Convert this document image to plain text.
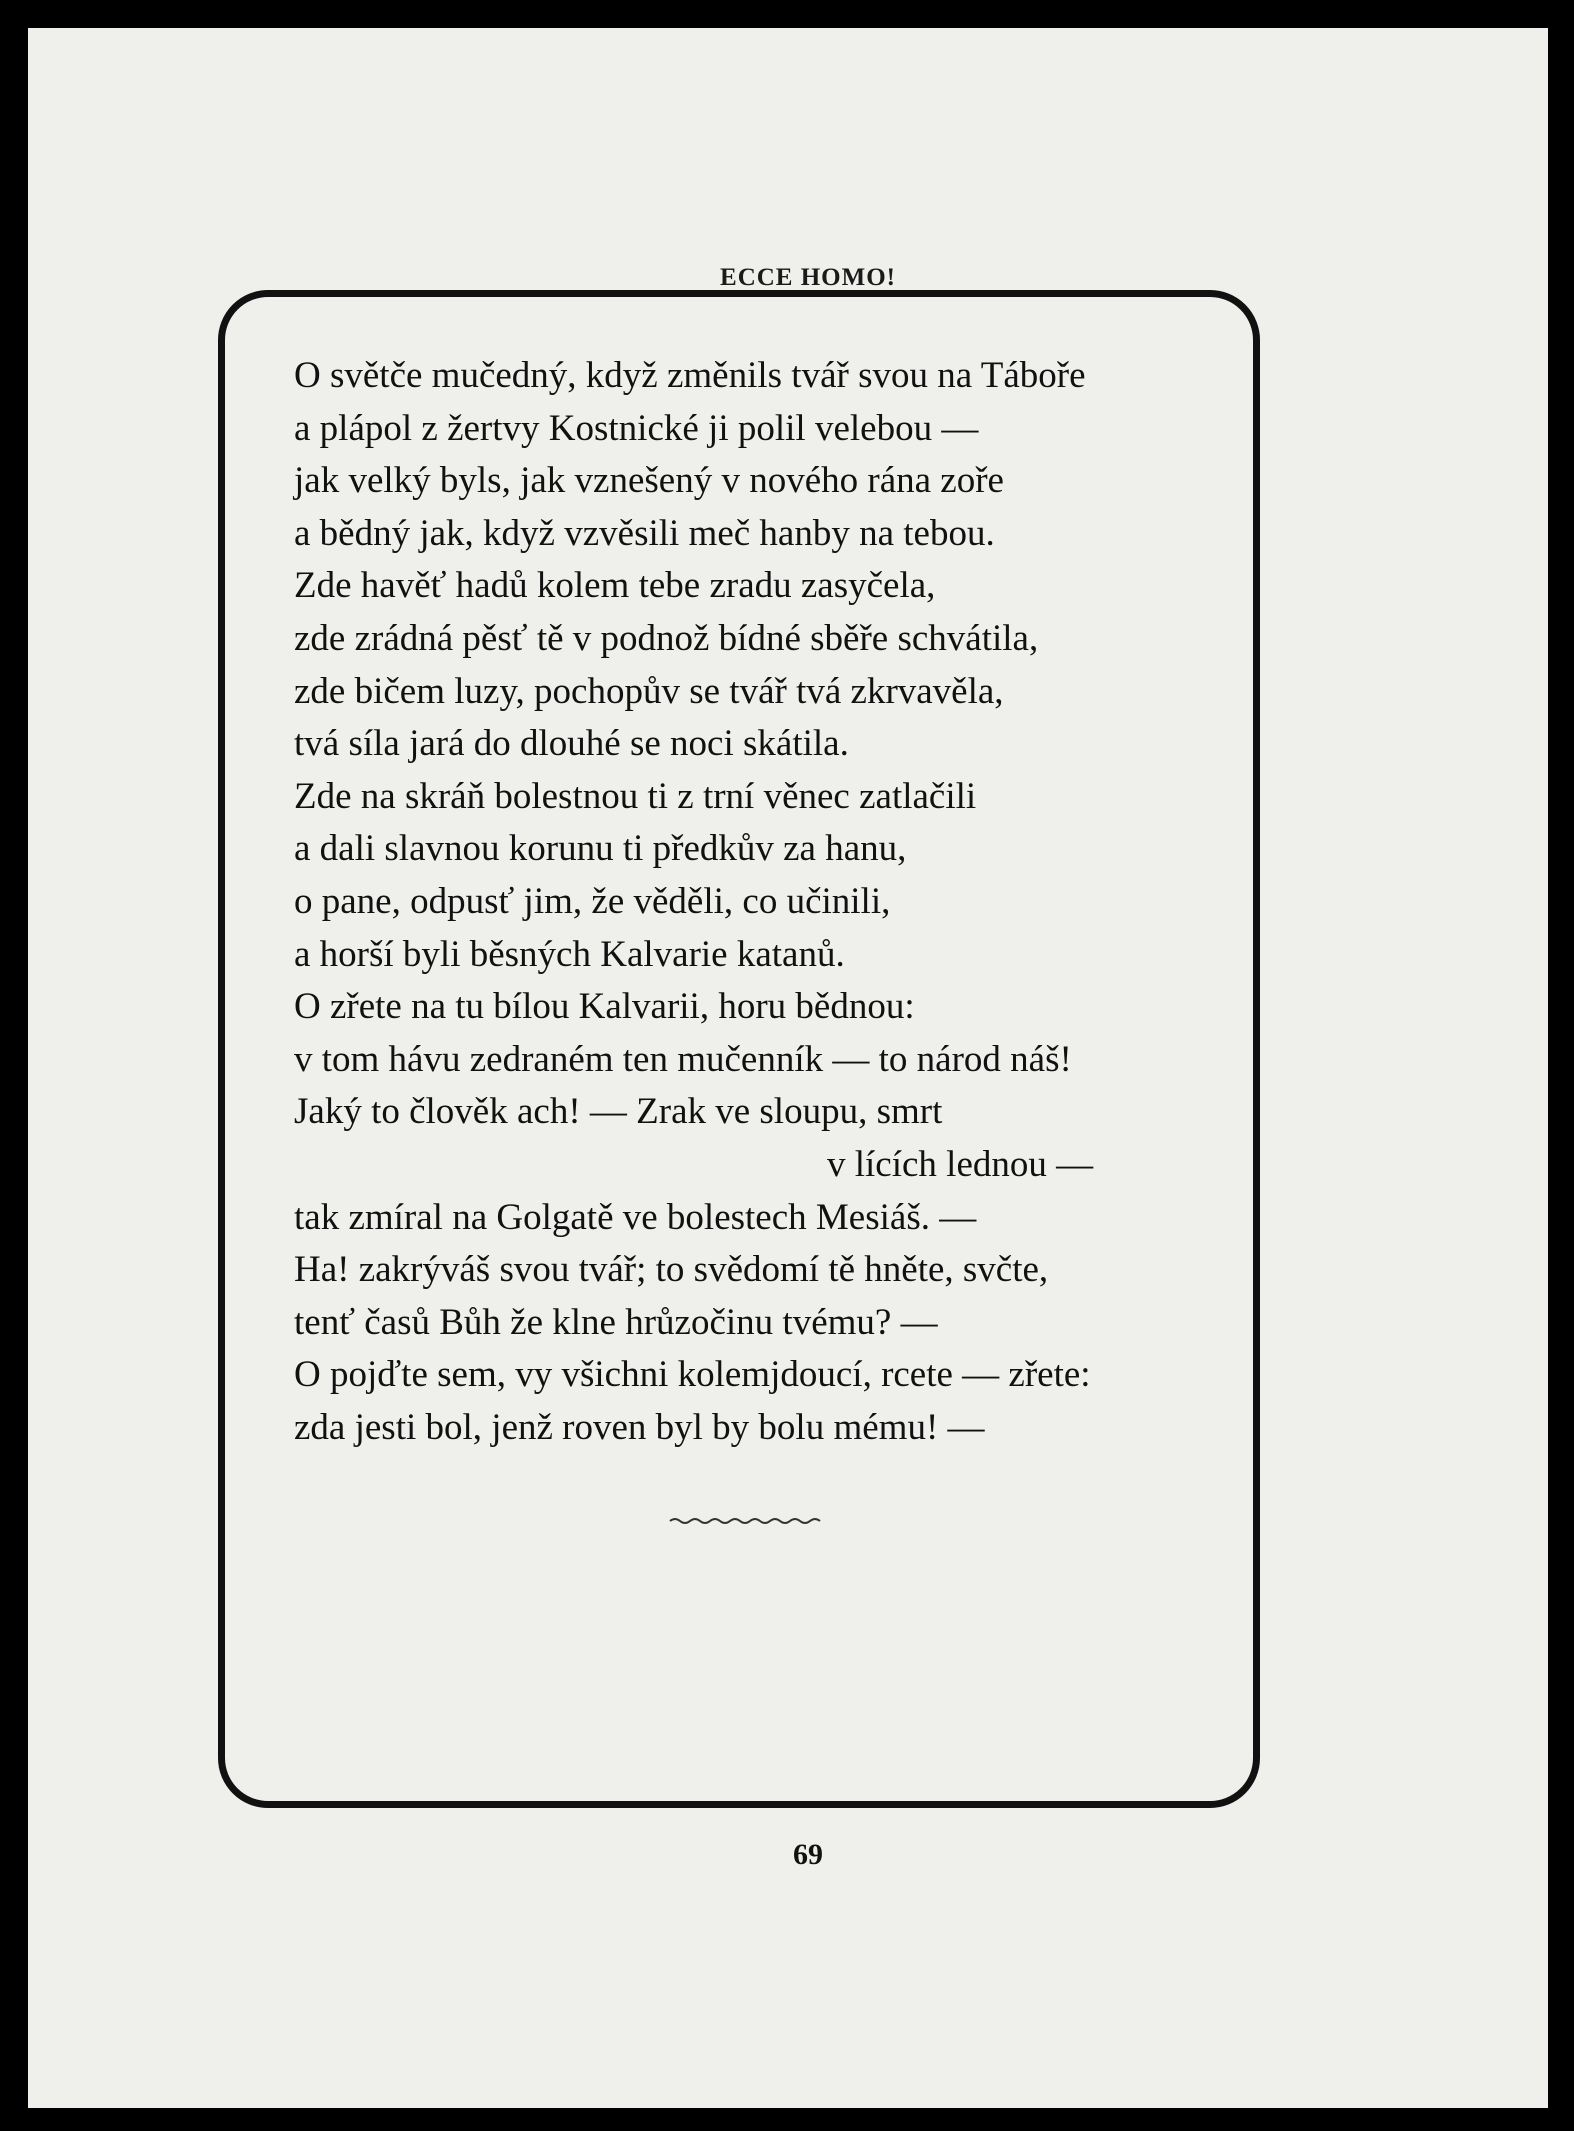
ECCE HOMO!
O světče mučedný, když změnils tvář svou na Táboře
a plápol z žertvy Kostnické ji polil velebou —
jak velký byls, jak vznešený v nového rána zoře
a bědný jak, když vzvěsili meč hanby na tebou.
Zde havěť hadů kolem tebe zradu zasyčela,
zde zrádná pěsť tě v podnož bídné sběře schvátila,
zde bičem luzy, pochopův se tvář tvá zkrvavěla,
tvá síla jará do dlouhé se noci skátila.
Zde na skráň bolestnou ti z trní věnec zatlačili
a dali slavnou korunu ti předkův za hanu,
o pane, odpusť jim, že věděli, co učinili,
a horší byli běsných Kalvarie katanů.
O zřete na tu bílou Kalvarii, horu bědnou:
v tom hávu zedraném ten mučenník — to národ náš!
Jaký to člověk ach! — Zrak ve sloupu, smrt
v lících lednou —
tak zmíral na Golgatě ve bolestech Mesiáš. —
Ha! zakrýváš svou tvář; to svědomí tě hněte, svčte,
tenť časů Bůh že klne hrůzočinu tvému? —
O pojďte sem, vy všichni kolemjdoucí, rcete — zřete:
zda jesti bol, jenž roven byl by bolu mému! —
69
